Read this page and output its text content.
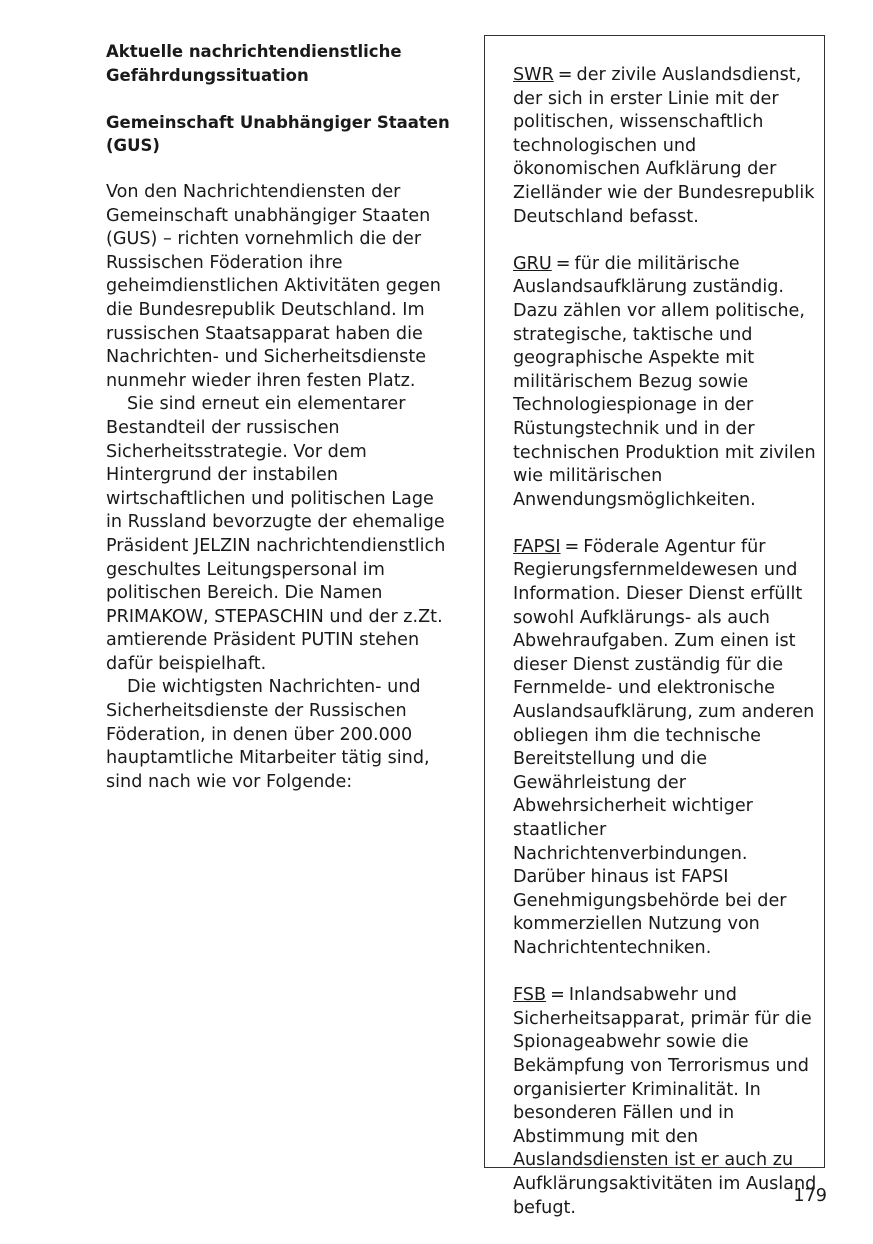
Aktuelle nachrichtendienstliche Gefährdungssituation

Gemeinschaft Unabhängiger Staaten (GUS)

Von den Nachrichtendiensten der Gemeinschaft unabhängiger Staaten (GUS) – richten vornehmlich die der Russischen Föderation ihre geheimdienstlichen Aktivitäten gegen die Bundesrepublik Deutschland. Im russischen Staatsapparat haben die Nachrichten- und Sicherheitsdienste nunmehr wieder ihren festen Platz.

Sie sind erneut ein elementarer Bestandteil der russischen Sicherheitsstrategie. Vor dem Hintergrund der instabilen wirtschaftlichen und politischen Lage in Russland bevorzugte der ehemalige Präsident JELZIN nachrichtendienstlich geschultes Leitungspersonal im politischen Bereich. Die Namen PRIMAKOW, STEPASCHIN und der z.Zt. amtierende Präsident PUTIN stehen dafür beispielhaft.

Die wichtigsten Nachrichten- und Sicherheitsdienste der Russischen Föderation, in denen über 200.000 hauptamtliche Mitarbeiter tätig sind, sind nach wie vor Folgende:

SWR = der zivile Auslandsdienst, der sich in erster Linie mit der politischen, wissenschaftlich technologischen und ökonomischen Aufklärung der Zielländer wie der Bundesrepublik Deutschland befasst.

GRU = für die militärische Auslandsaufklärung zuständig. Dazu zählen vor allem politische, strategische, taktische und geographische Aspekte mit militärischem Bezug sowie Technologiespionage in der Rüstungstechnik und in der technischen Produktion mit zivilen wie militärischen Anwendungsmöglichkeiten.

FAPSI = Föderale Agentur für Regierungsfernmeldewesen und Information. Dieser Dienst erfüllt sowohl Aufklärungs- als auch Abwehraufgaben. Zum einen ist dieser Dienst zuständig für die Fernmelde- und elektronische Auslandsaufklärung, zum anderen obliegen ihm die technische Bereitstellung und die Gewährleistung der Abwehrsicherheit wichtiger staatlicher Nachrichtenverbindungen. Darüber hinaus ist FAPSI Genehmigungsbehörde bei der kommerziellen Nutzung von Nachrichtentechniken.

FSB = Inlandsabwehr und Sicherheitsapparat, primär für die Spionageabwehr sowie die Bekämpfung von Terrorismus und organisierter Kriminalität. In besonderen Fällen und in Abstimmung mit den Auslandsdiensten ist er auch zu Aufklärungsaktivitäten im Ausland befugt.

179
